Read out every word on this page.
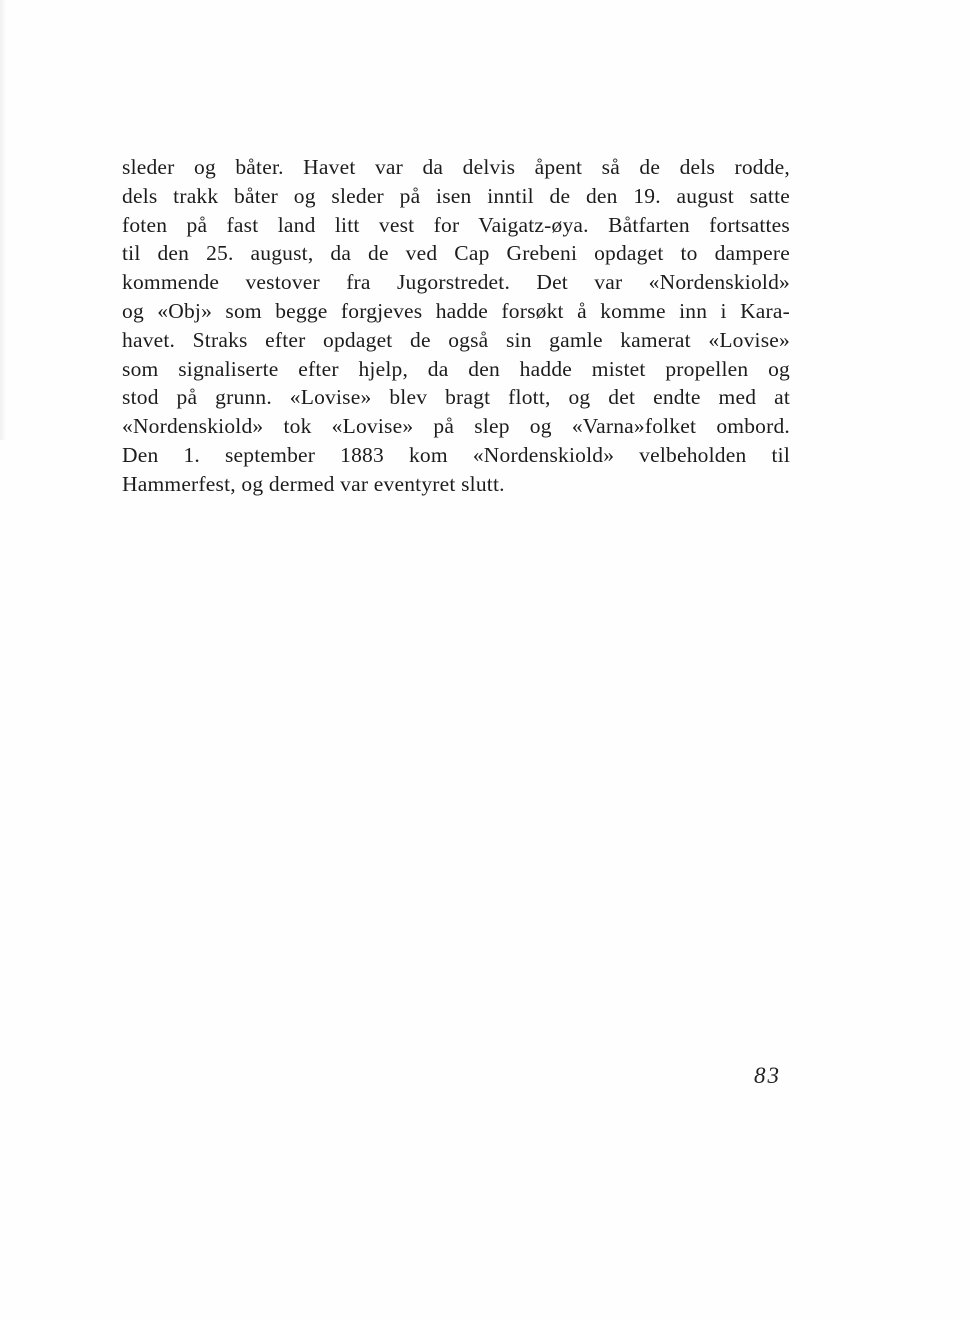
sleder og båter. Havet var da delvis åpent så de dels rodde,
dels trakk båter og sleder på isen inntil de den 19. august satte
foten på fast land litt vest for Vaigatz-øya. Båtfarten fortsattes
til den 25. august, da de ved Cap Grebeni opdaget to dampere
kommende vestover fra Jugorstredet. Det var «Nordenskiold»
og «Obj» som begge forgjeves hadde forsøkt å komme inn i Kara-
havet. Straks efter opdaget de også sin gamle kamerat «Lovise»
som signaliserte efter hjelp, da den hadde mistet propellen og
stod på grunn. «Lovise» blev bragt flott, og det endte med at
«Nordenskiold» tok «Lovise» på slep og «Varna»folket ombord.
Den 1. september 1883 kom «Nordenskiold» velbeholden til
Hammerfest, og dermed var eventyret slutt.
83
